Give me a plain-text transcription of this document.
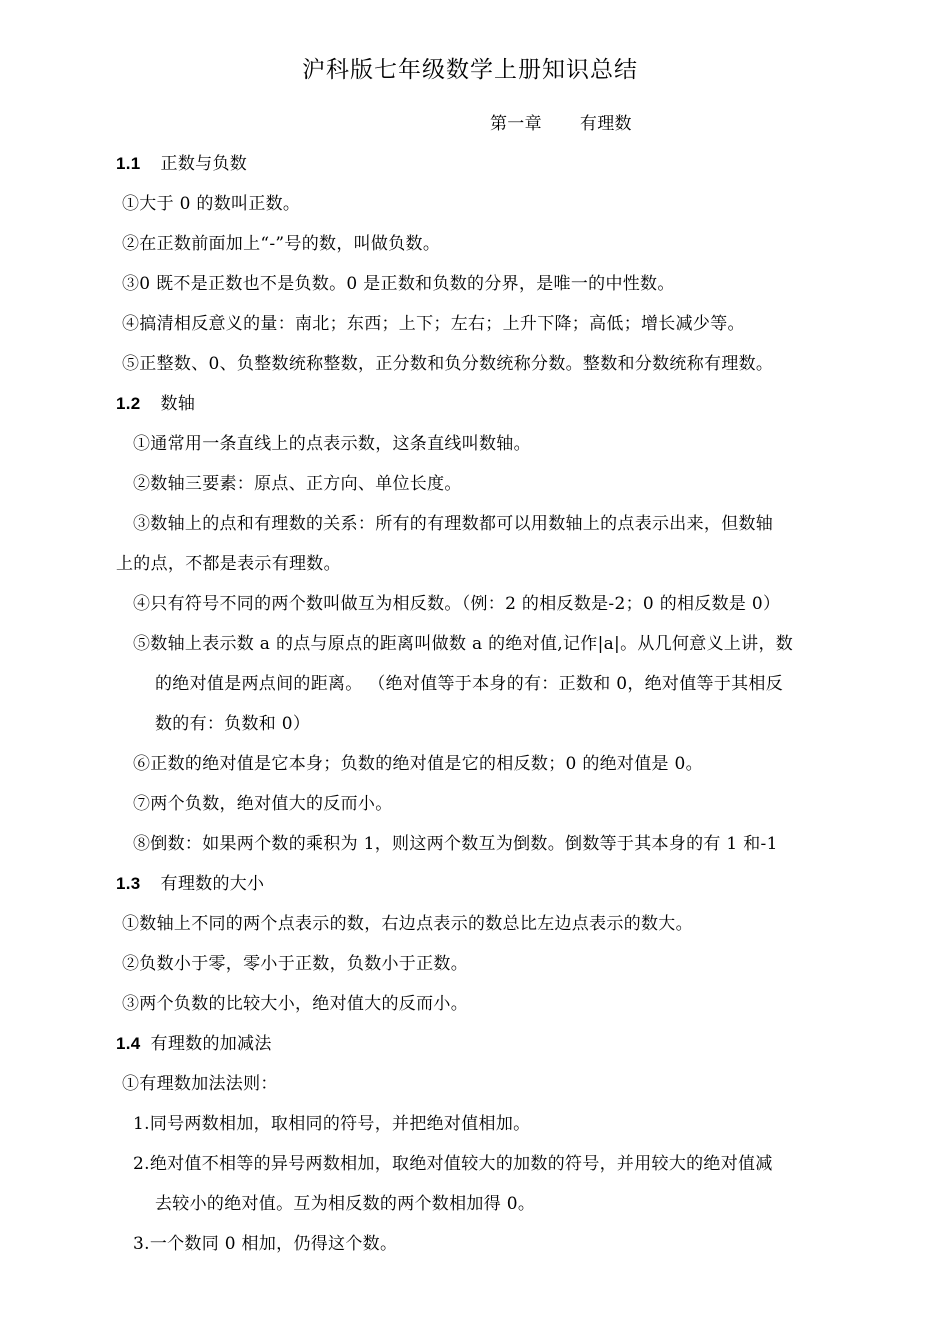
沪科版七年级数学上册知识总结
第一章 有理数
1.1 正数与负数
①大于 0 的数叫正数。
②在正数前面加上“-”号的数，叫做负数。
③0 既不是正数也不是负数。0 是正数和负数的分界，是唯一的中性数。
④搞清相反意义的量：南北；东西；上下；左右；上升下降；高低；增长减少等。
⑤正整数、0、负整数统称整数，正分数和负分数统称分数。整数和分数统称有理数。
1.2 数轴
①通常用一条直线上的点表示数，这条直线叫数轴。
②数轴三要素：原点、正方向、单位长度。
③数轴上的点和有理数的关系：所有的有理数都可以用数轴上的点表示出来，但数轴
上的点，不都是表示有理数。
④只有符号不同的两个数叫做互为相反数。（例：2 的相反数是-2；0 的相反数是 0）
⑤数轴上表示数 a 的点与原点的距离叫做数 a 的绝对值,记作|a|。从几何意义上讲，数
的绝对值是两点间的距离。 （绝对值等于本身的有：正数和 0，绝对值等于其相反
数的有：负数和 0）
⑥正数的绝对值是它本身；负数的绝对值是它的相反数；0 的绝对值是 0。
⑦两个负数，绝对值大的反而小。
⑧倒数：如果两个数的乘积为 1，则这两个数互为倒数。倒数等于其本身的有 1 和-1
1.3 有理数的大小
①数轴上不同的两个点表示的数，右边点表示的数总比左边点表示的数大。
②负数小于零，零小于正数，负数小于正数。
③两个负数的比较大小，绝对值大的反而小。
1.4 有理数的加减法
①有理数加法法则：
1.同号两数相加，取相同的符号，并把绝对值相加。
2.绝对值不相等的异号两数相加，取绝对值较大的加数的符号，并用较大的绝对值减
去较小的绝对值。互为相反数的两个数相加得 0。
3.一个数同 0 相加，仍得这个数。
